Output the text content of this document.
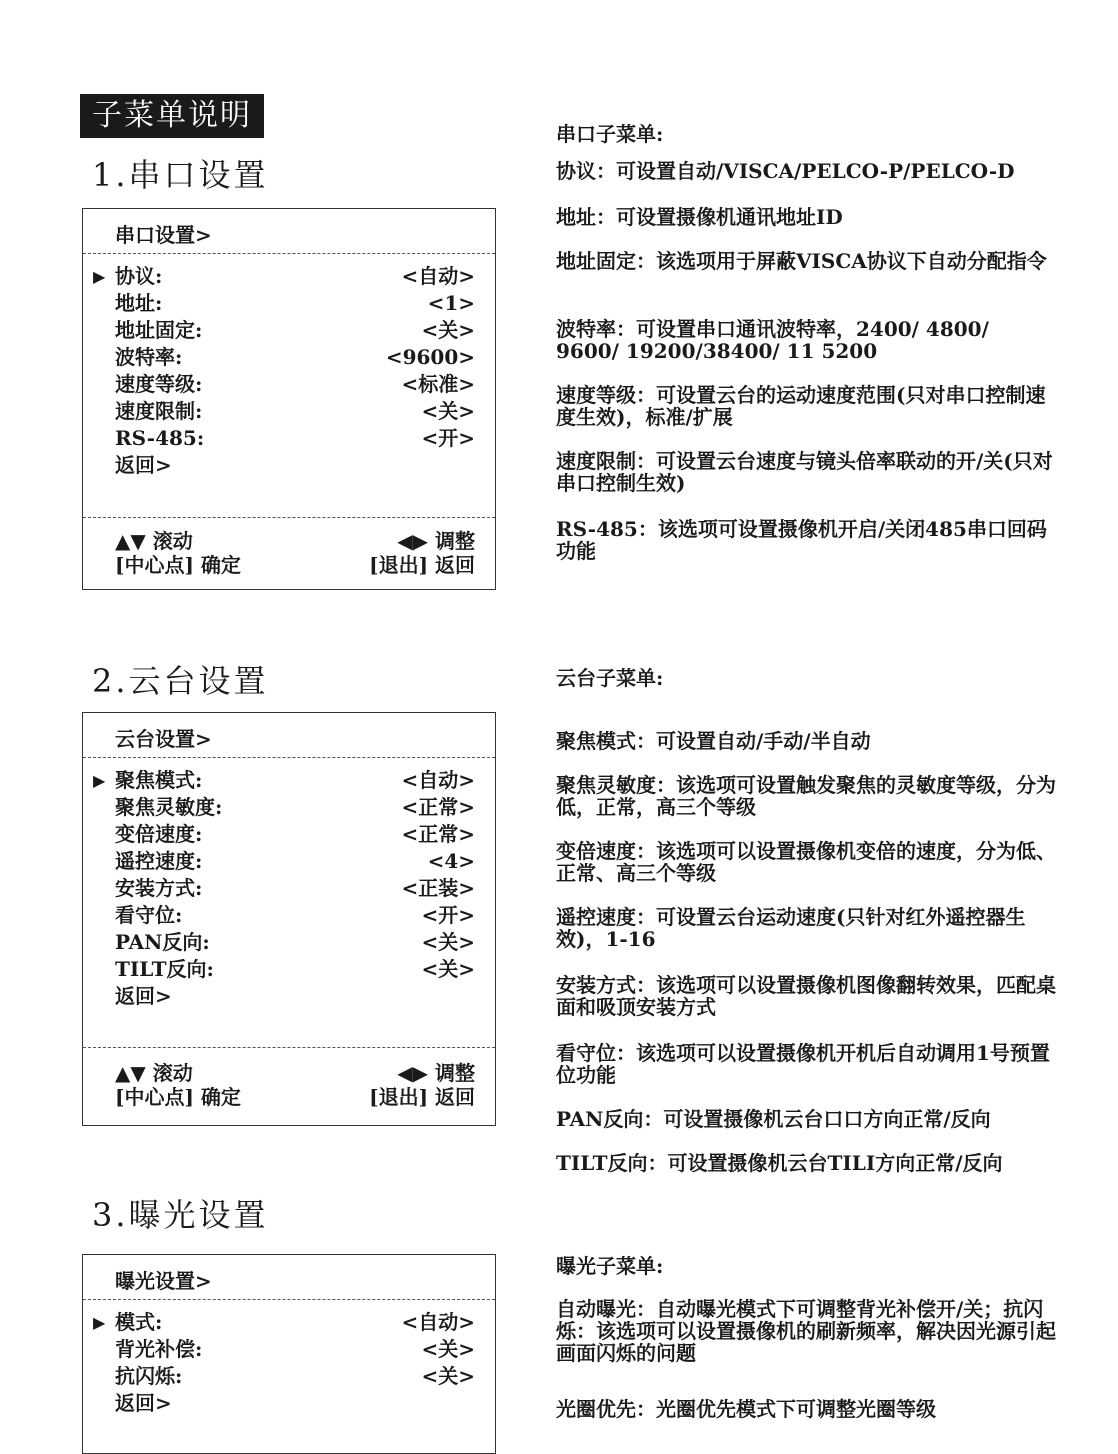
子菜单说明
1.串口设置
串口设置>
▶ 协议:	<自动>
地址:	<1>
地址固定:	<关>
波特率:	<9600>
速度等级:	<标准>
速度限制:	<关>
RS-485:	<开>
返回>
▲▼ 滚动	◀▶ 调整
[中心点] 确定	[退出] 返回
串口子菜单:

协议：可设置自动/VISCA/PELCO-P/PELCO-D

地址：可设置摄像机通讯地址ID

地址固定：该选项用于屏蔽VISCA协议下自动分配指令

波特率：可设置串口通讯波特率，2400/ 4800/ 9600/ 19200/38400/ 11 5200

速度等级：可设置云台的运动速度范围(只对串口控制速度生效)，标准/扩展

速度限制：可设置云台速度与镜头倍率联动的开/关(只对串口控制生效)

RS-485：该选项可设置摄像机开启/关闭485串口回码功能

2.云台设置
云台设置>
▶ 聚焦模式:	<自动>
聚焦灵敏度:	<正常>
变倍速度:	<正常>
遥控速度:	<4>
安装方式:	<正装>
看守位:	<开>
PAN反向:	<关>
TILT反向:	<关>
返回>
▲▼ 滚动	◀▶ 调整
[中心点] 确定	[退出] 返回
云台子菜单:

聚焦模式：可设置自动/手动/半自动

聚焦灵敏度：该选项可设置触发聚焦的灵敏度等级，分为低，正常，高三个等级

变倍速度：该选项可以设置摄像机变倍的速度，分为低、正常、高三个等级

遥控速度：可设置云台运动速度(只针对红外遥控器生效)，1-16

安装方式：该选项可以设置摄像机图像翻转效果，匹配桌面和吸顶安装方式

看守位：该选项可以设置摄像机开机后自动调用1号预置位功能

PAN反向：可设置摄像机云台口口方向正常/反向

TILT反向：可设置摄像机云台TILI方向正常/反向

3.曝光设置
曝光设置>
▶ 模式:	<自动>
背光补偿:	<关>
抗闪烁:	<关>
返回>
曝光子菜单:

自动曝光：自动曝光模式下可调整背光补偿开/关；抗闪烁：该选项可以设置摄像机的刷新频率，解决因光源引起画面闪烁的问题

光圈优先：光圈优先模式下可调整光圈等级
